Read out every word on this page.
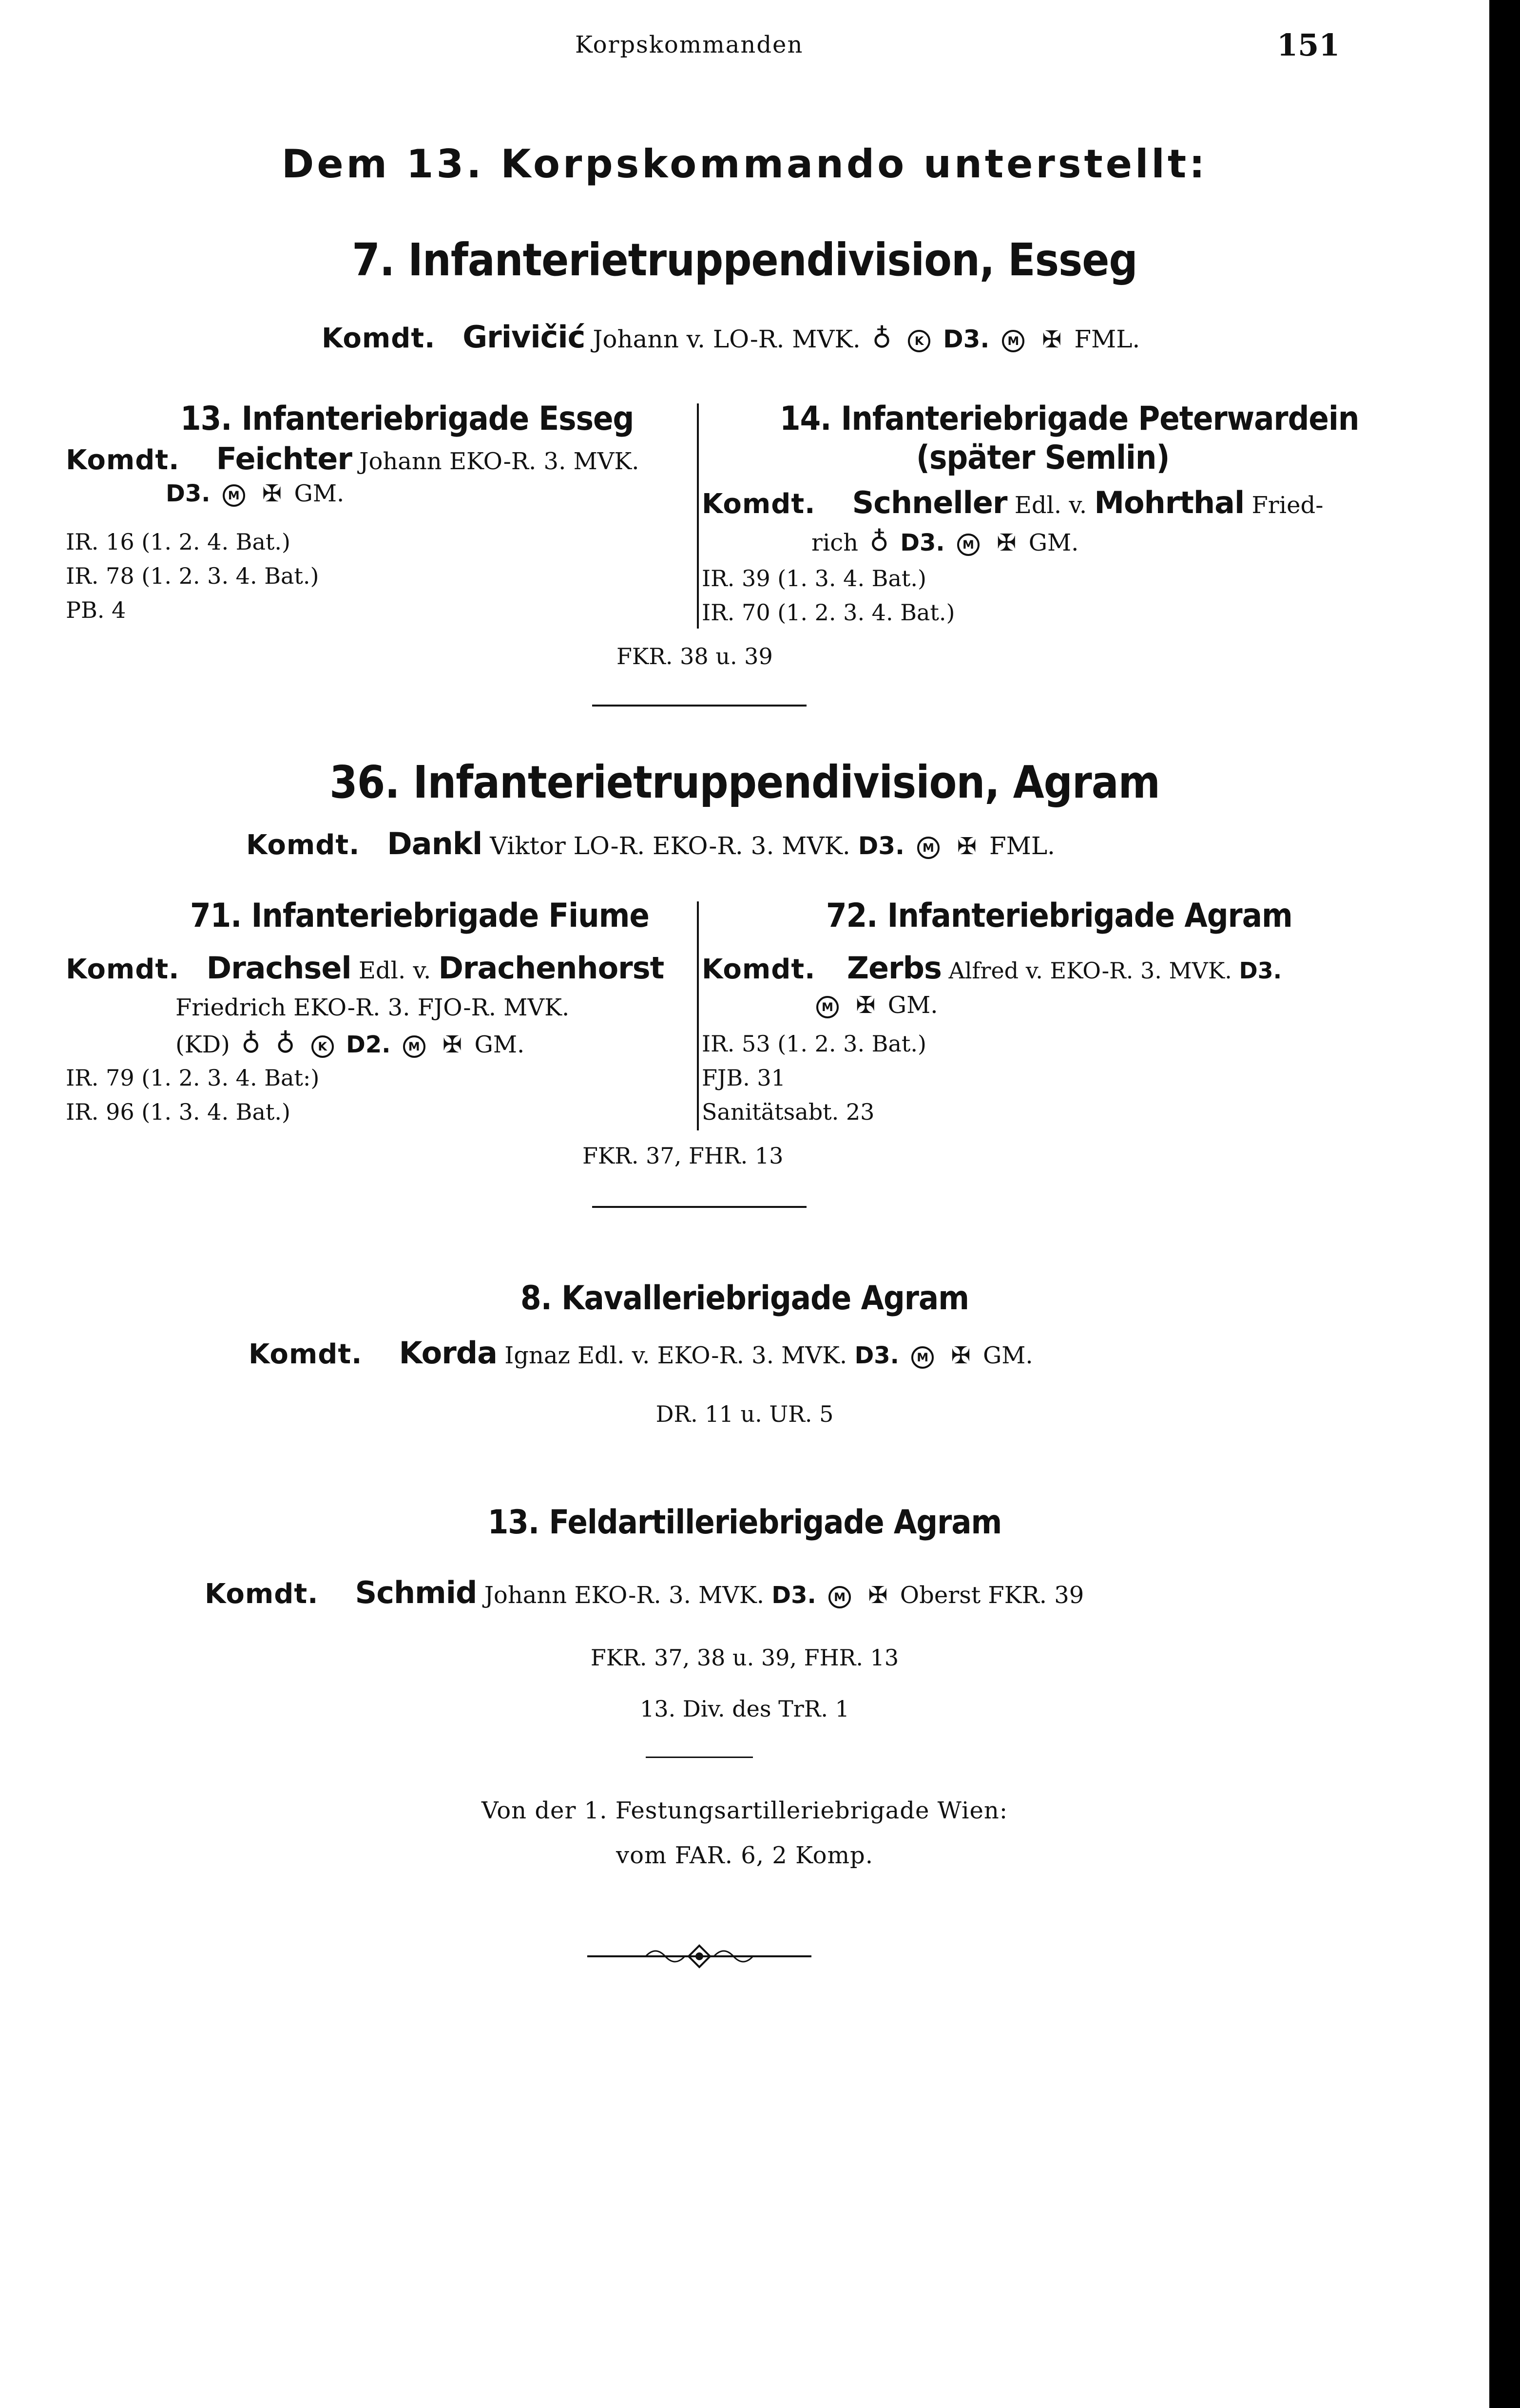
Korpskommanden	151
Dem 13. Korpskommando unterstellt:
7. Infanterietruppendivision, Esseg
Komdt. Grivičić Johann v. LO-R. MVK. ♁ K D3. M ✠ FML.
13. Infanteriebrigade Esseg
Komdt. Feichter Johann EKO-R. 3. MVK.
D3. M ✠ GM.
IR. 16 (1. 2. 4. Bat.)
IR. 78 (1. 2. 3. 4. Bat.)
PB. 4
14. Infanteriebrigade Peterwardein
(später Semlin)
Komdt. Schneller Edl. v. Mohrthal Fried-
rich ♁ D3. M ✠ GM.
IR. 39 (1. 3. 4. Bat.)
IR. 70 (1. 2. 3. 4. Bat.)
FKR. 38 u. 39
36. Infanterietruppendivision, Agram
Komdt. Dankl Viktor LO-R. EKO-R. 3. MVK. D3. M ✠ FML.
71. Infanteriebrigade Fiume
Komdt. Drachsel Edl. v. Drachenhorst
Friedrich EKO-R. 3. FJO-R. MVK.
(KD) ♁ ♁ K D2. M ✠ GM.
IR. 79 (1. 2. 3. 4. Bat:)
IR. 96 (1. 3. 4. Bat.)
72. Infanteriebrigade Agram
Komdt. Zerbs Alfred v. EKO-R. 3. MVK. D3.
M ✠ GM.
IR. 53 (1. 2. 3. Bat.)
FJB. 31
Sanitätsabt. 23
FKR. 37, FHR. 13
8. Kavalleriebrigade Agram
Komdt. Korda Ignaz Edl. v. EKO-R. 3. MVK. D3. M ✠ GM.
DR. 11 u. UR. 5
13. Feldartilleriebrigade Agram
Komdt. Schmid Johann EKO-R. 3. MVK. D3. M ✠ Oberst FKR. 39
FKR. 37, 38 u. 39, FHR. 13
13. Div. des TrR. 1
Von der 1. Festungsartilleriebrigade Wien:
vom FAR. 6, 2 Komp.
